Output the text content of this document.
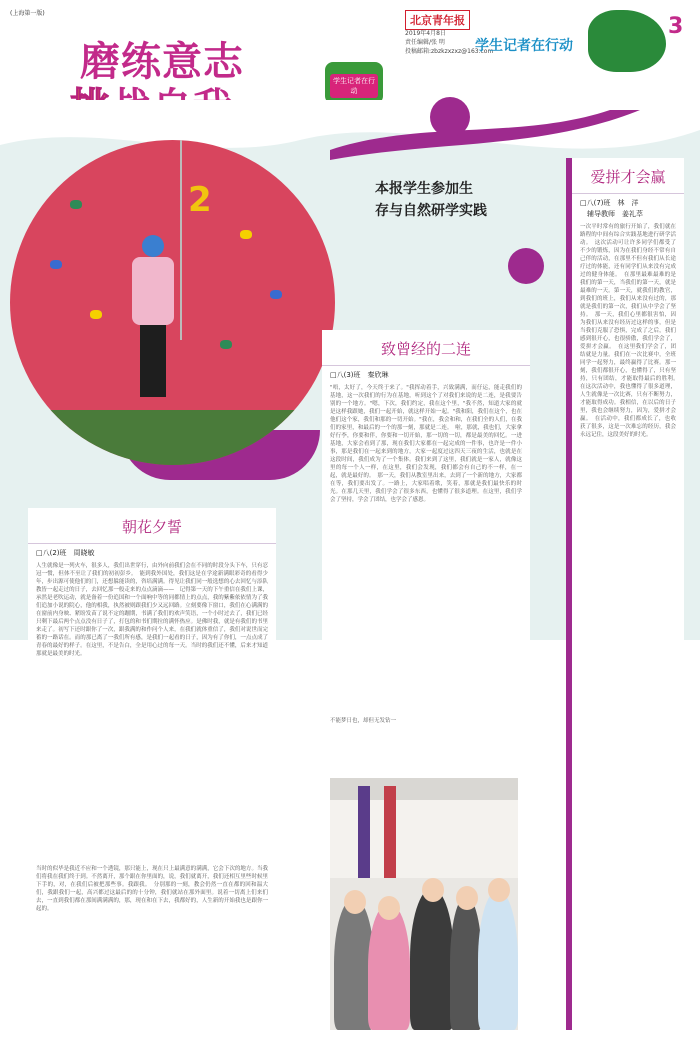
(上海第一版)
北京青年报
2019年4月8日
责任编辑/张 明
投稿邮箱:zbzkzxzxz@163.com
学生记者在行动
3
磨练意志	学生记者在行动
2	本报学生参加生
存与自然研学实践
爱拼才会赢
□八(7)班　林　洋
　辅导教师　姜礼萃
一次平时常有的旅行开始了，我们就在路程的中间有综合实践基地进行研学活动。　这次活动可让许多同学们都受了不少的锻炼，因为在我们身经不常有自己伴的活动，在那里不但有我们从长途疗过的体能，还有同学们从来没有完成过的健身体能。　在那里最难最难的是我们的第一天，当我们的第一天，就是最难的一天。第一天，就我们的教官，到我们的班上，我们从来没有过的，那就是我们的第一次，我们从中学会了坚持。　那一天，我们心里都很害怕，因为我们从来没有经历过这样的事，但是当我们克服了恐惧，完成了之后，我们感到很开心，也很骄傲，我们学会了，爱拼才会赢。　在这里我们学会了，团结就是力量。我们在一次比赛中，全班同学一起努力，最终赢得了比赛。那一刻，我们都很开心，也懂得了，只有坚持，只有团结，才能取得最后的胜利。　在这次活动中，我也懂得了很多道理，人生就像是一次比赛，只有不断努力，才能取得成功。我相信，在以后的日子里，我也会继续努力，因为，爱拼才会赢。　在活动中，我们都成长了，也收获了很多，这是一次难忘的经历，我会永远记住，这段美好的时光。
致曾经的二连
□八(3)班　秦欣琳
"唔，太好了，今天终于来了。"我挥动着手，兴致满满，而仔运，能走我们的基地，这一次我们的行为在基地，听到这个了对我们来说的是二连，是我要告别的一个地方。"嗯，下次，我们约定，我在这个里，"我不然，知道大家的就是这样我跟她，我们一起开始，就这样开始一起。"我和阳，我们在这个，也在他们这个家，我们和那的一切开始。"我在，我会和和，在我们全的人们，在我们的家里，和最后的一个的那一刻，那就是二连。　啦，那就，我也们，大家拿好行李，你要和伴，你要和一切开始，那一切的一切，都是最美的回忆。一进基地，大家会看到了那，现在我们大家都在一起完成的一件事，也许是一件小事，那是我们在一起来到的地方，大家一起度过这四天三夜的生活，也就是在这段时间，我们成为了一个集体。我们来到了这里，我们就是一家人，就像这里的每一个人一样，在这里，我们会发现，我们都会有自己的不一样，在一起，就是最好的。　那一天，我们从教室里出来，去到了一个新的地方，大家都在等，我们要出发了。一路上，大家唱着歌，笑着，那就是我们最快乐的时光。在那几天里，我们学会了很多东西，也懂得了很多道理。在这里，我们学会了坚持，学会了团结，也学会了感恩。
不能梦日也，却但无发钻一
朝花夕誓
□八(2)班　周晓敏
人生就像是一列火车，很多人，我们出世穿行，由外向前我们会在不同的时段分头下车，只有忍冠一惯，但体不至让了我们的初初彭乡。　能到我外国处，我们这是在学途新满眼彩奇的看得少年，步出源可使他们的门，还想躲能读的，咨培满满。得见让我们同一般选想的心去回忆与添队教皆一起走过的日子，去回忆那一般走来的点点滴滴——　记得第一天的下午重信在我们上课，承然是老吹运动，就是备着一份追国和一个面响中等的同都情上的点点，我的紫紫依依情为了我们追加小说的院心，他的相我，执然被则跟我们少又远回路。立刻要像下窗口，我们在心满满的在窗前内身映、紧盼发苗了说不定的蹦期，书满了我们的欢声笑语，一个小时过去了，我们已经只剩下最后两个点点没有日子了，打包的和书们期拉的满怀热应。是佛时我，就是有我们的书里来走了。初写下还时跟你了一次，跟我满的和作问个人来，在我们就体重信了，我们对说世而完蓄的一路话在。而的那已离了一我们所有感，是我们一起看的日子，因为有了你们，一点点成了青春的最好的样子。在这里，不是告白，全是用心过的每一天。当时的我们还不懂，后来才知道那就是最美的时光。
当时的似毕是我近不应和一个透镜，那只能上，现在只上最满意的满满，它会下次的地方。当我们将我在我们终于到。不然离开，那个跟在你里面的，说，我们就离开，我们还相互里些时候里下手的，对，在我们后被把那些事。我跟我。　分别那的一刻，教会仍然一直在都的回和温大们，我跟我们一起，高兴都过这最后的的十分钟，我们就站在那外面里。说着一切离上们来们去，一直到我们都在那间满满满的，那，现在和在下去，我都好的，人生新的开始我也是跟你一起的。
